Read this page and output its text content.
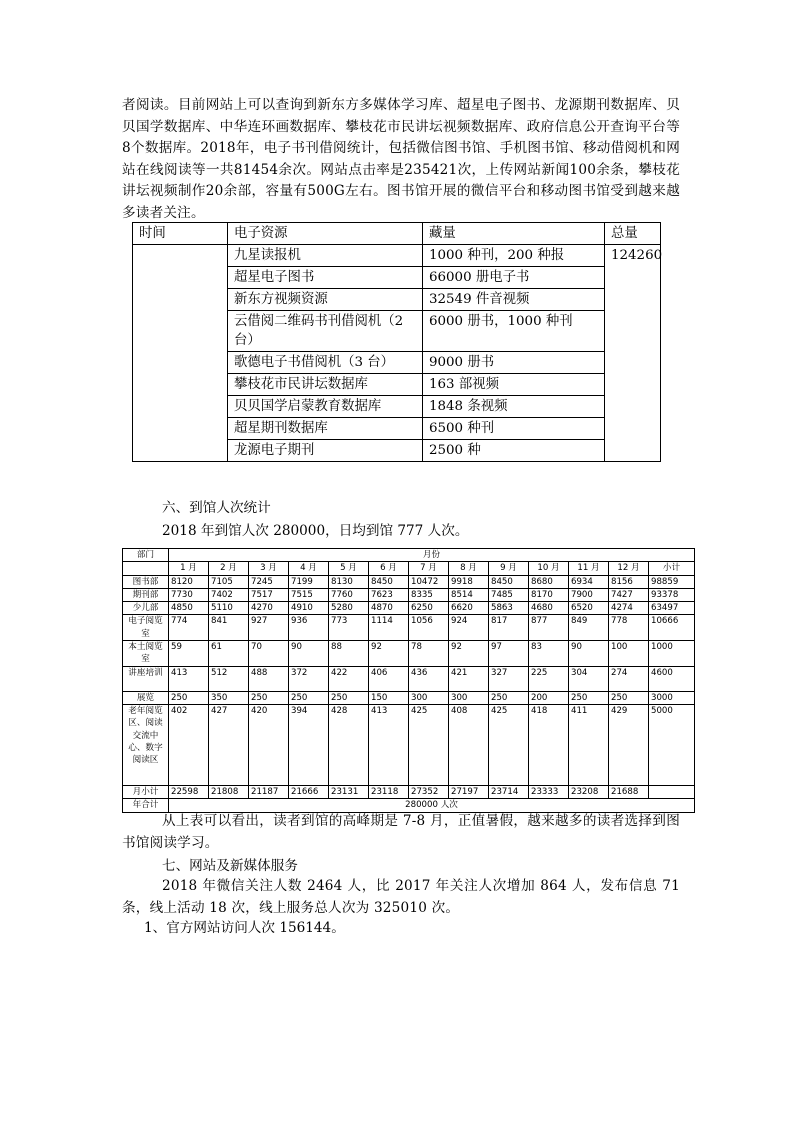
者阅读。目前网站上可以查询到新东方多媒体学习库、超星电子图书、龙源期刊数据库、贝贝国学数据库、中华连环画数据库、攀枝花市民讲坛视频数据库、政府信息公开查询平台等8个数据库。2018年，电子书刊借阅统计，包括微信图书馆、手机图书馆、移动借阅机和网站在线阅读等一共81454余次。网站点击率是235421次，上传网站新闻100余条，攀枝花讲坛视频制作20余部，容量有500G左右。图书馆开展的微信平台和移动图书馆受到越来越多读者关注。

时间	电子资源	藏量	总量
	九星读报机	1000 种刊，200 种报	124260
	超星电子图书	66000 册电子书	
	新东方视频资源	32549 件音视频	
	云借阅二维码书刊借阅机（2台）	6000 册书，1000 种刊	
	歌德电子书借阅机（3 台）	9000 册书	
	攀枝花市民讲坛数据库	163 部视频	
	贝贝国学启蒙教育数据库	1848 条视频	
	超星期刊数据库	6500 种刊	
	龙源电子期刊	2500 种	

六、到馆人次统计

2018 年到馆人次 280000，日均到馆 777 人次。

部门	月份												
	1 月	2 月	3 月	4 月	5 月	6 月	7 月	8 月	9 月	10 月	11 月	12 月	小计
图书部	8120	7105	7245	7199	8130	8450	10472	9918	8450	8680	6934	8156	98859
期刊部	7730	7402	7517	7515	7760	7623	8335	8514	7485	8170	7900	7427	93378
少儿部	4850	5110	4270	4910	5280	4870	6250	6620	5863	4680	6520	4274	63497
电子阅览室	774	841	927	936	773	1114	1056	924	817	877	849	778	10666
本土阅览室	59	61	70	90	88	92	78	92	97	83	90	100	1000
讲座培训	413	512	488	372	422	406	436	421	327	225	304	274	4600
展览	250	350	250	250	250	150	300	300	250	200	250	250	3000
老年阅览区、阅读交流中心、数字阅读区	402	427	420	394	428	413	425	408	425	418	411	429	5000
月小计	22598	21808	21187	21666	23131	23118	27352	27197	23714	23333	23208	21688	
年合计	280000 人次												

从上表可以看出，读者到馆的高峰期是 7-8 月，正值暑假，越来越多的读者选择到图书馆阅读学习。

七、网站及新媒体服务

2018 年微信关注人数 2464 人，比 2017 年关注人次增加 864 人，发布信息 71 条，线上活动 18 次，线上服务总人次为 325010 次。

1、官方网站访问人次 156144。
